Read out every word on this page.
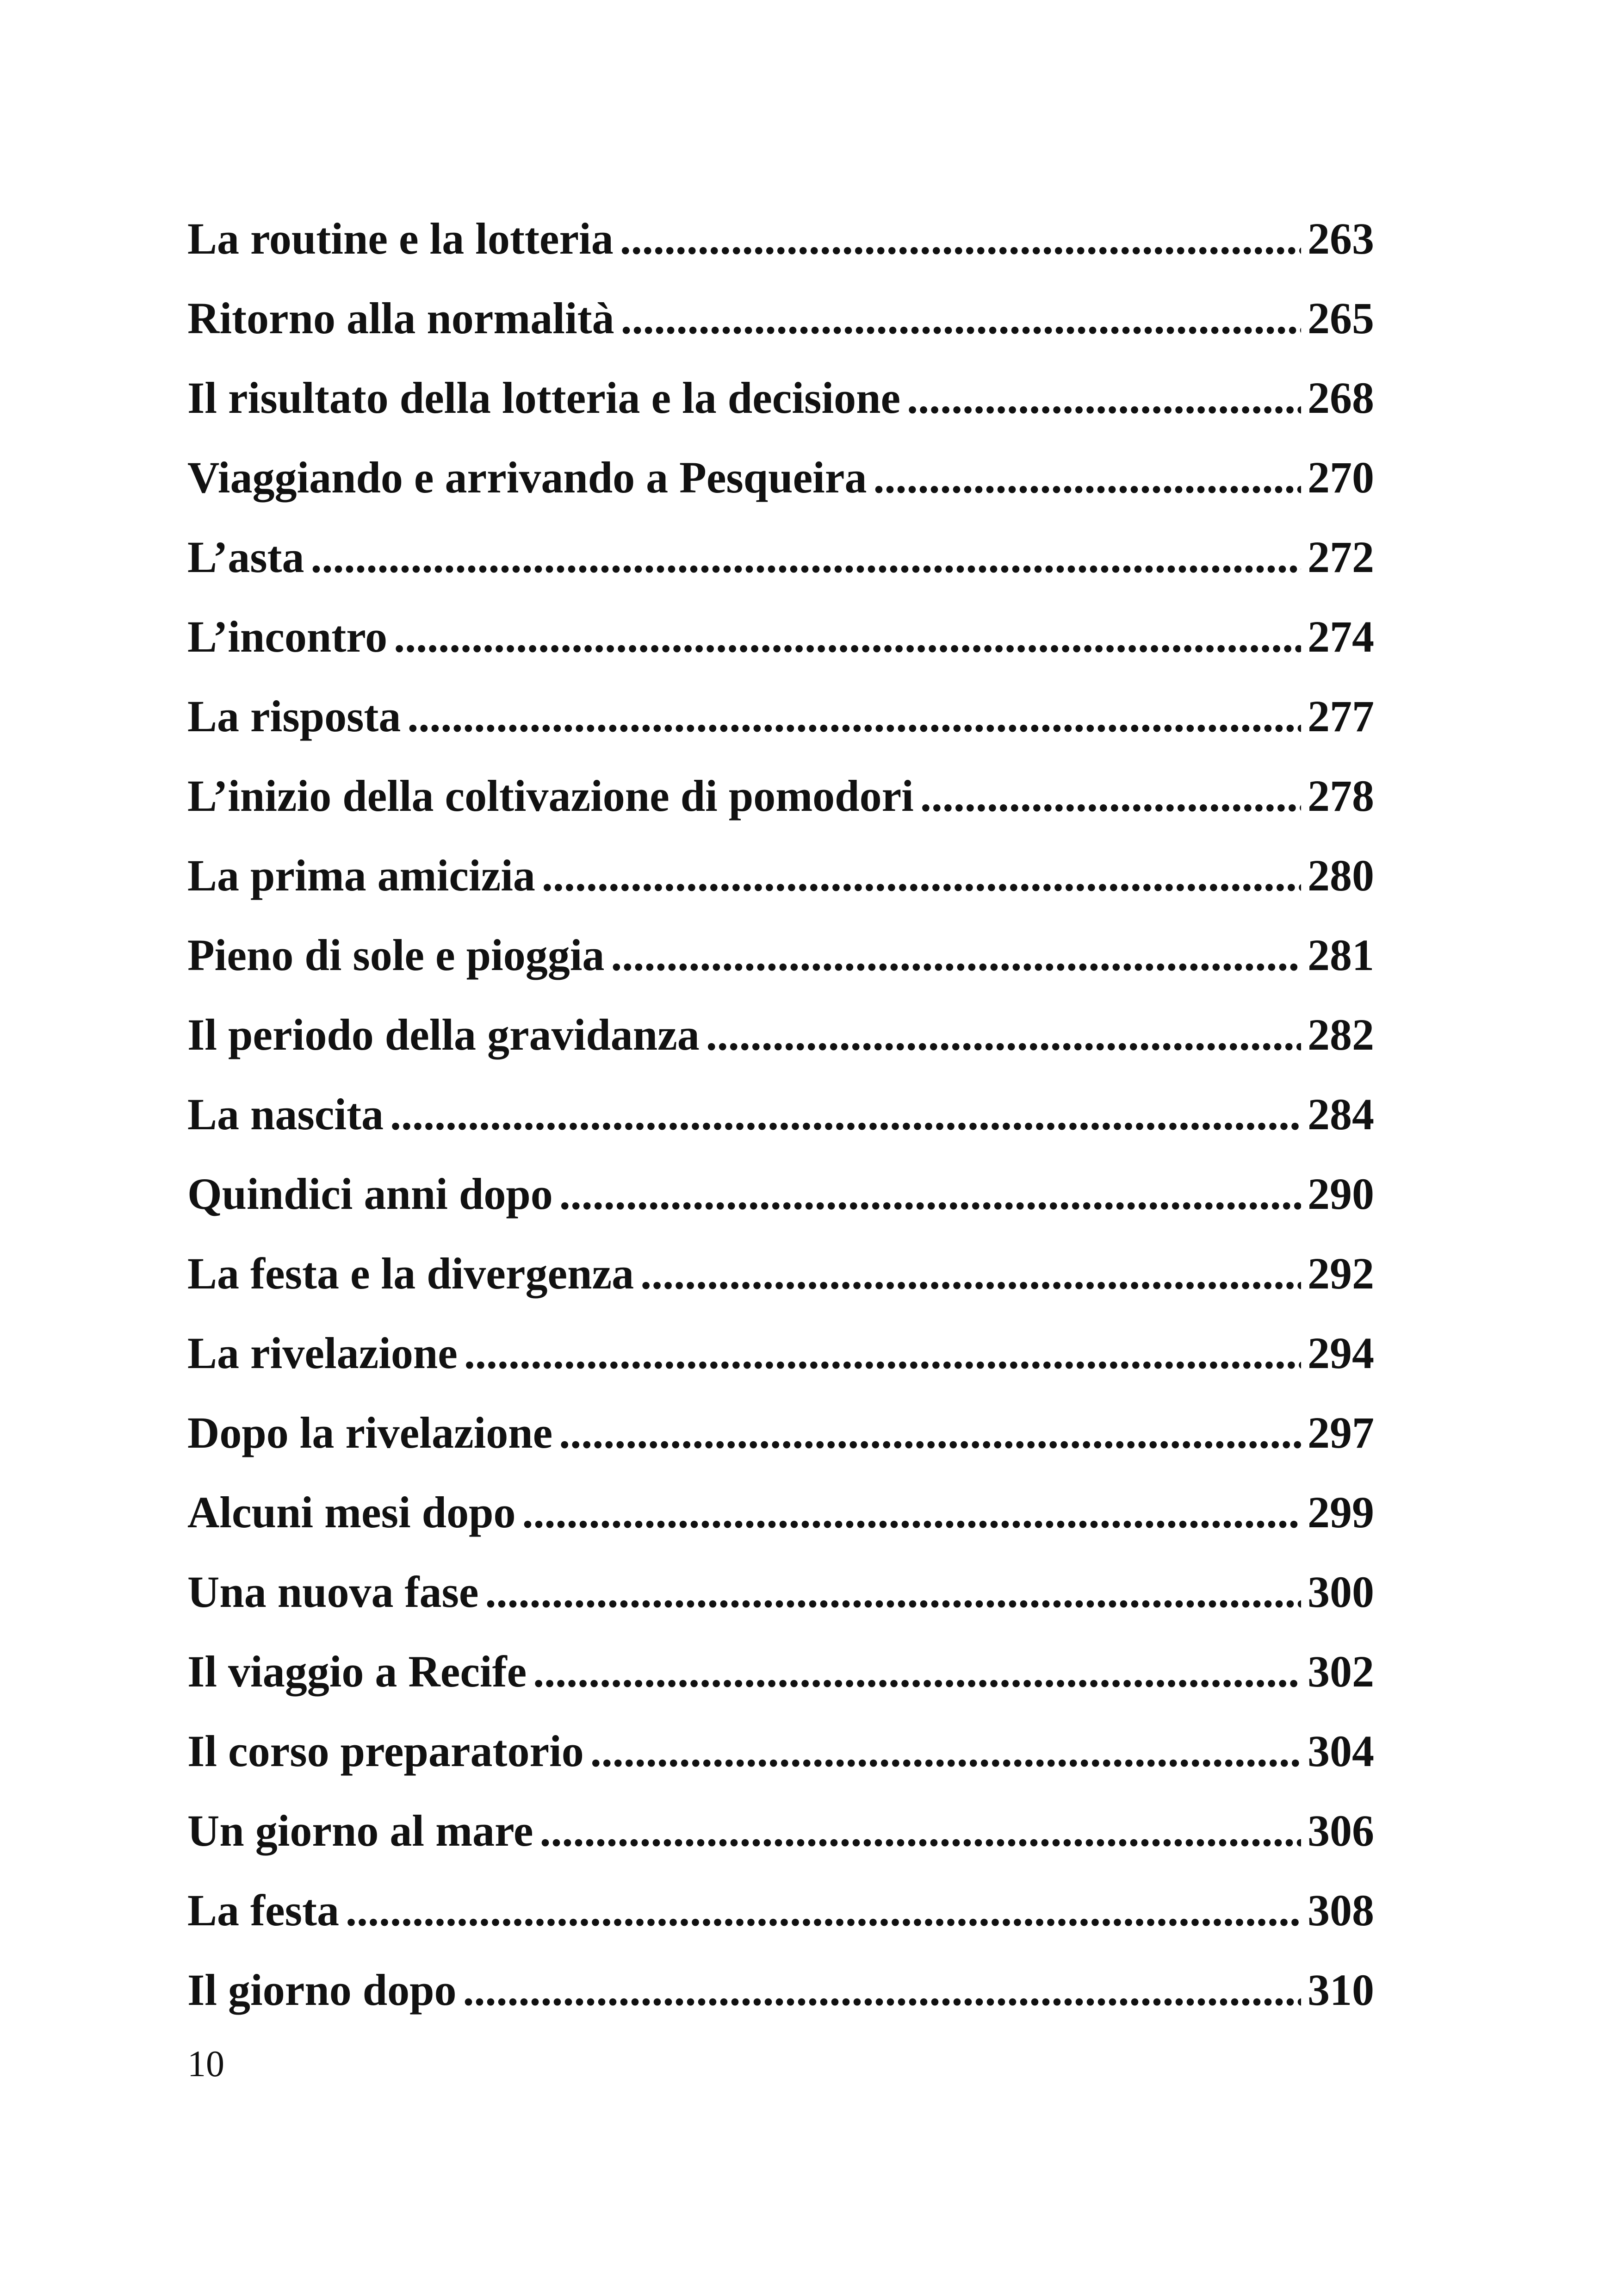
La routine e la lotteria .....	263
Ritorno alla normalità .....	265
Il risultato della lotteria e la decisione .....	268
Viaggiando e arrivando a Pesqueira .....	270
L’asta .....	272
L’incontro .....	274
La risposta .....	277
L’inizio della coltivazione di pomodori .....	278
La prima amicizia .....	280
Pieno di sole e pioggia .....	281
Il periodo della gravidanza .....	282
La nascita .....	284
Quindici anni dopo .....	290
La festa e la divergenza .....	292
La rivelazione .....	294
Dopo la rivelazione .....	297
Alcuni mesi dopo .....	299
Una nuova fase .....	300
Il viaggio a Recife .....	302
Il corso preparatorio .....	304
Un giorno al mare .....	306
La festa .....	308
Il giorno dopo .....	310
10
